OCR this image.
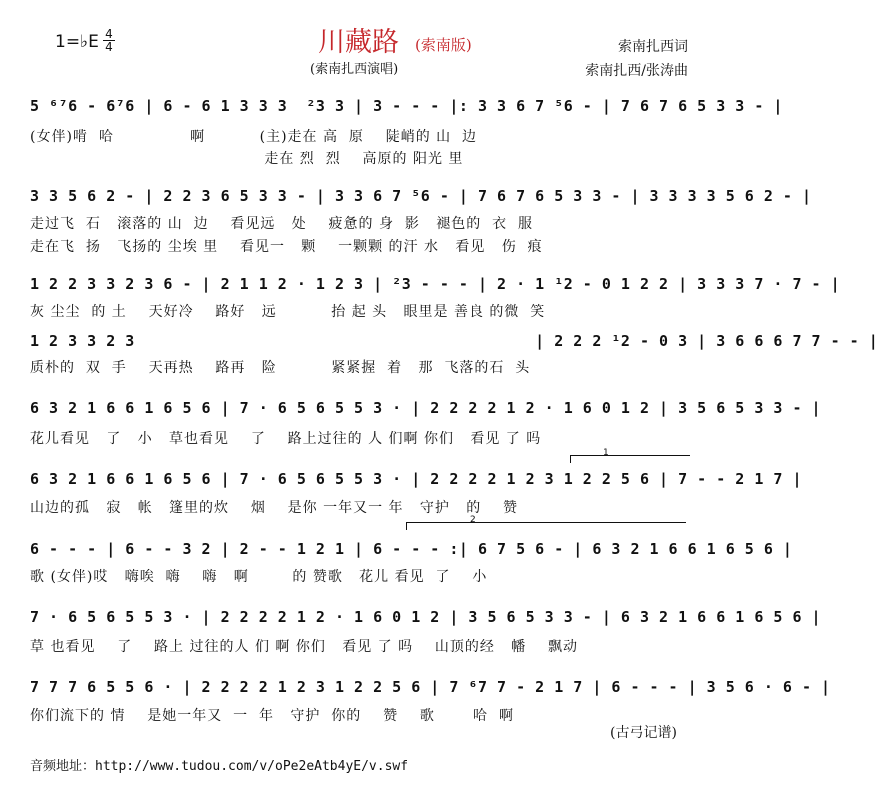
1=♭E 4
4	川藏路 (索南版)
(索南扎西演唱)
索南扎西词
索南扎西/张涛曲
5 ⁶⁷6 - 6⁷6 | 6 - 6 1 3 3 3  ²3 3 | 3 - - - |: 3 3 6 7 ⁵6 - | 7 6 7 6 5 3 3 - |
(女伴)啃  哈              啊          (主)走在 高  原    陡峭的 山  边
走在 烈  烈    高原的 阳光 里
3 3 5 6 2 - | 2 2 3 6 5 3 3 - | 3 3 6 7 ⁵6 - | 7 6 7 6 5 3 3 - | 3 3 3 3 5 6 2 - |
走过飞  石   滚落的 山  边    看见远   处    疲惫的 身  影   褪色的  衣  服
走在飞  扬   飞扬的 尘埃 里    看见一   颗    一颗颗 的汗 水   看见   伤  痕
1 2 2 3 3 2 3 6 - | 2 1 1 2 · 1 2 3 | ²3 - - - | 2 · 1 ¹2 - 0 1 2 2 | 3 3 3 7 · 7 - |
灰 尘尘  的 土    天好冷    路好   远          抬 起 头   眼里是 善良 的微  笑
1 2 3 3 2 3                                          | 2 2 2 ¹2 - 0 3 | 3 6 6 6 7 7 - - |
质朴的  双  手    天再热    路再   险          紧紧握  着   那  飞落的石  头
6 3 2 1 6 6 1 6 5 6 | 7 · 6 5 6 5 5 3 · | 2 2 2 2 1 2 · 1 6 0 1 2 | 3 5 6 5 3 3 - |
花儿看见   了   小   草也看见    了    路上过往的 人 们啊 你们   看见 了 吗
1
6 3 2 1 6 6 1 6 5 6 | 7 · 6 5 6 5 5 3 · | 2 2 2 2 1 2 3 1 2 2 5 6 | 7 - - 2 1 7 |
山边的孤   寂   帐   篷里的炊    烟    是你 一年又一 年   守护   的    赞
2
6 - - - | 6 - - 3 2 | 2 - - 1 2 1 | 6 - - - :| 6 7 5 6 - | 6 3 2 1 6 6 1 6 5 6 |
歌 (女伴)哎   嗨唉  嗨    嗨   啊        的 赞歌   花儿 看见  了    小
7 · 6 5 6 5 5 3 · | 2 2 2 2 1 2 · 1 6 0 1 2 | 3 5 6 5 3 3 - | 6 3 2 1 6 6 1 6 5 6 |
草 也看见    了    路上 过往的人 们 啊 你们   看见 了 吗    山顶的经   幡    飘动
7 7 7 6 5 5 6 · | 2 2 2 2 1 2 3 1 2 2 5 6 | 7 ⁶7 7 - 2 1 7 | 6 - - - | 3 5 6 · 6 - |
你们流下的 情    是她一年又  一  年   守护  你的    赞    歌       哈  啊
(古弓记谱)
音频地址：http://www.tudou.com/v/oPe2eAtb4yE/v.swf
